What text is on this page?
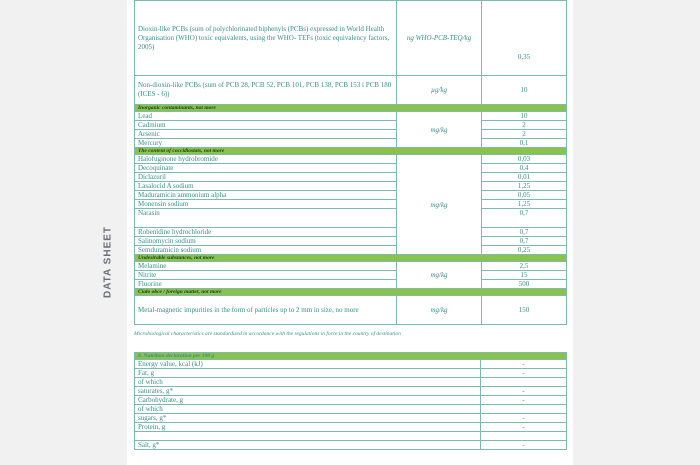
DATA SHEET
Dioxin-like PCBs (sum of polychlorinated biphenyls (PCBs) expressed in World Health Organisation (WHO) toxic equivalents, using the WHO- TEFs (toxic equivalency factors, 2005)	ng WHO-PCB-TEQ/kg	0,35
Non-dioxin-like PCBs (sum of PCB 28, PCB 52, PCB 101, PCB 138, PCB 153 i PCB 180 (ICES - 6))	µg/kg	10
Inorganic contaminants, not more		
Lead	mg/kg	10
Cadmium		2
Arsenic		2
Mercury		0,1
The content of coccidiostats, not more		
Halofuginone hydrobromide	mg/kg	0,03
Decoquinate		0,4
Diclazuril		0,01
Lasalocid A sodium		1,25
Maduramicin ammonium alpha		0,05
Monensin sodium		1,25
Narasin		0,7
Robenidine hydrochloride		0,7
Salinomycin sodium		0,7
Semduramicin sodium		0,25
Undesirable substances, not more		
Melamine	mg/kg	2,5
Nitrite		15
Fluorine		500
Ciało obce / foreign matter, not more		
Metal-magnetic impurities in the form of particles up to 2 mm in size, no more	mg/kg	150
Microbiological characteristics are standardized in accordance with the regulations in force in the country of destination
8. Nutrition declaration per 100 g	
Energy value, kcal (kJ)	-
Fat, g	-
of which	
saturates, g*	-
Carbohydrate, g	-
of which	
sugars, g*	-
Protein, g	-

Salt, g*	-
